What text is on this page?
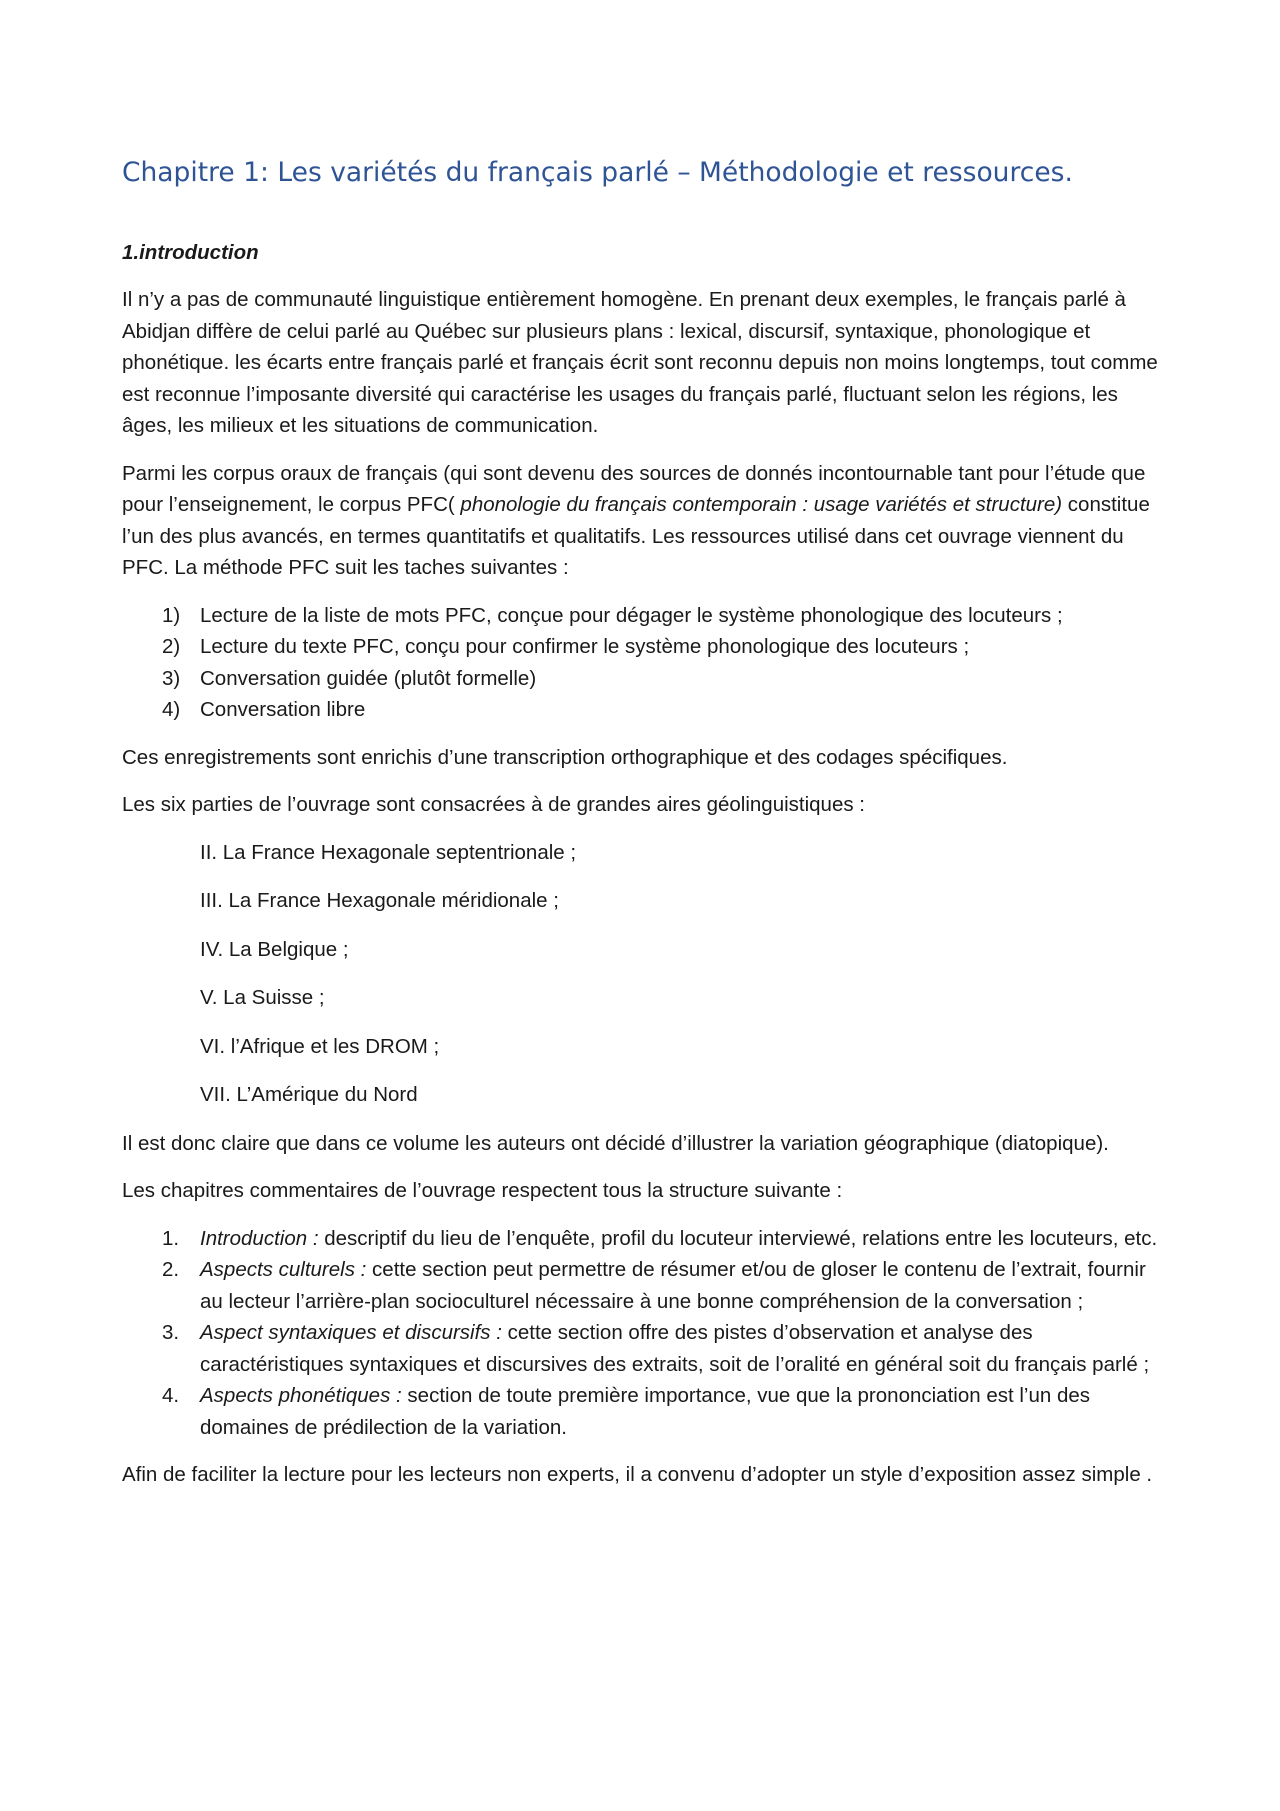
Chapitre 1: Les variétés du français parlé – Méthodologie et ressources.
1.introduction

Il n’y a pas de communauté linguistique entièrement homogène. En prenant deux exemples, le français parlé à Abidjan diffère de celui parlé au Québec sur plusieurs plans : lexical, discursif, syntaxique, phonologique et phonétique. les écarts entre français parlé et français écrit sont reconnu depuis non moins longtemps, tout comme est reconnue l’imposante diversité qui caractérise les usages du français parlé, fluctuant selon les régions, les âges, les milieux et les situations de communication.

Parmi les corpus oraux de français (qui sont devenu des sources de donnés incontournable tant pour l’étude que pour l’enseignement, le corpus PFC( phonologie du français contemporain : usage variétés et structure) constitue l’un des plus avancés, en termes quantitatifs et qualitatifs. Les ressources utilisé dans cet ouvrage viennent du PFC. La méthode PFC suit les taches suivantes :

1) Lecture de la liste de mots PFC, conçue pour dégager le système phonologique des locuteurs ;
2) Lecture du texte PFC, conçu pour confirmer le système phonologique des locuteurs ;
3) Conversation guidée (plutôt formelle)
4) Conversation libre

Ces enregistrements sont enrichis d’une transcription orthographique et des codages spécifiques.

Les six parties de l’ouvrage sont consacrées à de grandes aires géolinguistiques :

II. La France Hexagonale septentrionale ;
III. La France Hexagonale méridionale ;
IV. La Belgique ;
V. La Suisse ;
VI. l’Afrique et les DROM ;
VII. L’Amérique du Nord

Il est donc claire que dans ce volume les auteurs ont décidé d’illustrer la variation géographique (diatopique).

Les chapitres commentaires de l’ouvrage respectent tous la structure suivante :

1. Introduction : descriptif du lieu de l’enquête, profil du locuteur interviewé, relations entre les locuteurs, etc.
2. Aspects culturels : cette section peut permettre de résumer et/ou de gloser le contenu de l’extrait, fournir au lecteur l’arrière-plan socioculturel nécessaire à une bonne compréhension de la conversation ;
3. Aspect syntaxiques et discursifs : cette section offre des pistes d’observation et analyse des caractéristiques syntaxiques et discursives des extraits, soit de l’oralité en général soit du français parlé ;
4. Aspects phonétiques : section de toute première importance, vue que la prononciation est l’un des domaines de prédilection de la variation.

Afin de faciliter la lecture pour les lecteurs non experts, il a convenu d’adopter un style d’exposition assez simple .
